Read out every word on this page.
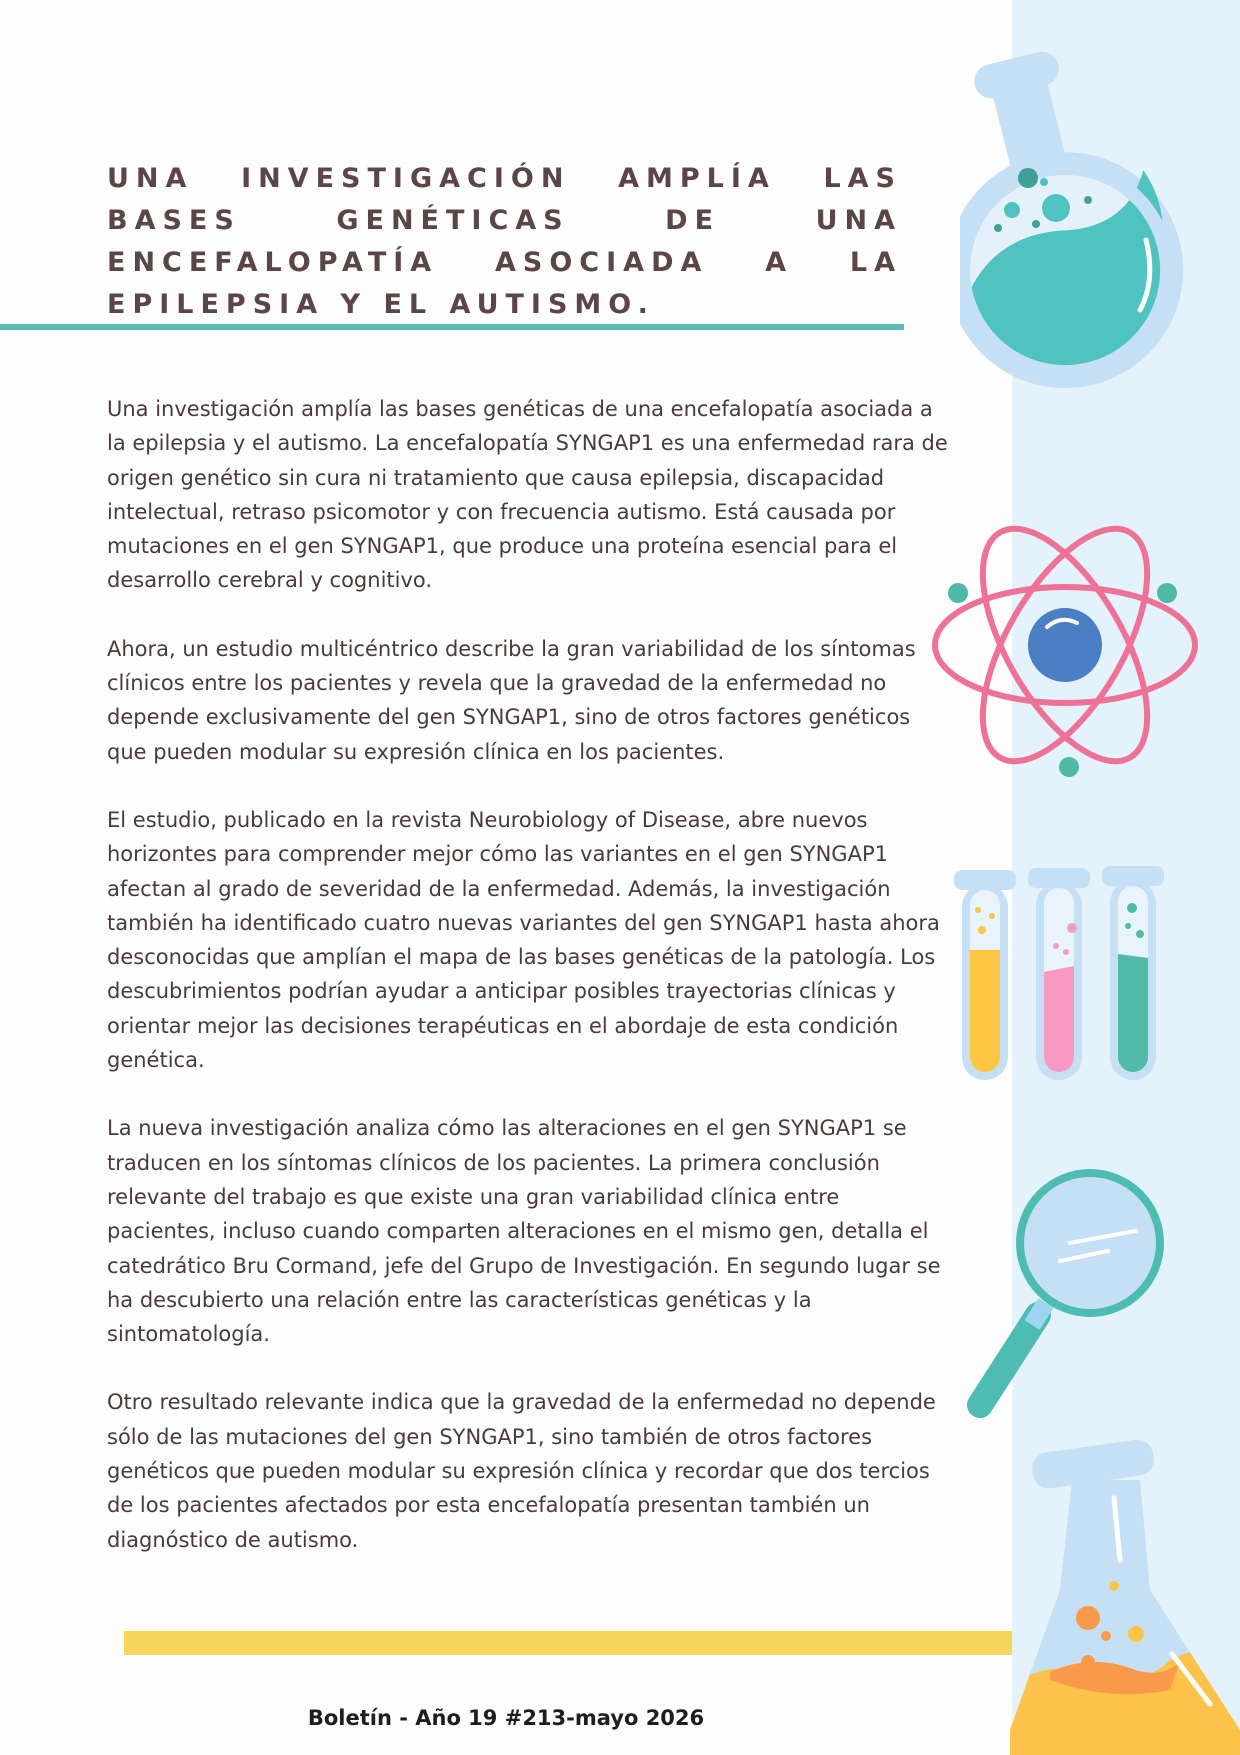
UNA INVESTIGACIÓN AMPLÍA LAS BASES GENÉTICAS DE UNA ENCEFALOPATÍA ASOCIADA A LA EPILEPSIA Y EL AUTISMO.

Una investigación amplía las bases genéticas de una encefalopatía asociada a la epilepsia y el autismo. La encefalopatía SYNGAP1 es una enfermedad rara de origen genético sin cura ni tratamiento que causa epilepsia, discapacidad intelectual, retraso psicomotor y con frecuencia autismo. Está causada por mutaciones en el gen SYNGAP1, que produce una proteína esencial para el desarrollo cerebral y cognitivo.

Ahora, un estudio multicéntrico describe la gran variabilidad de los síntomas clínicos entre los pacientes y revela que la gravedad de la enfermedad no depende exclusivamente del gen SYNGAP1, sino de otros factores genéticos que pueden modular su expresión clínica en los pacientes.

El estudio, publicado en la revista Neurobiology of Disease, abre nuevos horizontes para comprender mejor cómo las variantes en el gen SYNGAP1 afectan al grado de severidad de la enfermedad. Además, la investigación también ha identificado cuatro nuevas variantes del gen SYNGAP1 hasta ahora desconocidas que amplían el mapa de las bases genéticas de la patología. Los descubrimientos podrían ayudar a anticipar posibles trayectorias clínicas y orientar mejor las decisiones terapéuticas en el abordaje de esta condición genética.

La nueva investigación analiza cómo las alteraciones en el gen SYNGAP1 se traducen en los síntomas clínicos de los pacientes. La primera conclusión relevante del trabajo es que existe una gran variabilidad clínica entre pacientes, incluso cuando comparten alteraciones en el mismo gen, detalla el catedrático Bru Cormand, jefe del Grupo de Investigación. En segundo lugar se ha descubierto una relación entre las características genéticas y la sintomatología.

Otro resultado relevante indica que la gravedad de la enfermedad no depende sólo de las mutaciones del gen SYNGAP1, sino también de otros factores genéticos que pueden modular su expresión clínica y recordar que dos tercios de los pacientes afectados por esta encefalopatía presentan también un diagnóstico de autismo.

Boletín - Año 19 #213-mayo 2026
